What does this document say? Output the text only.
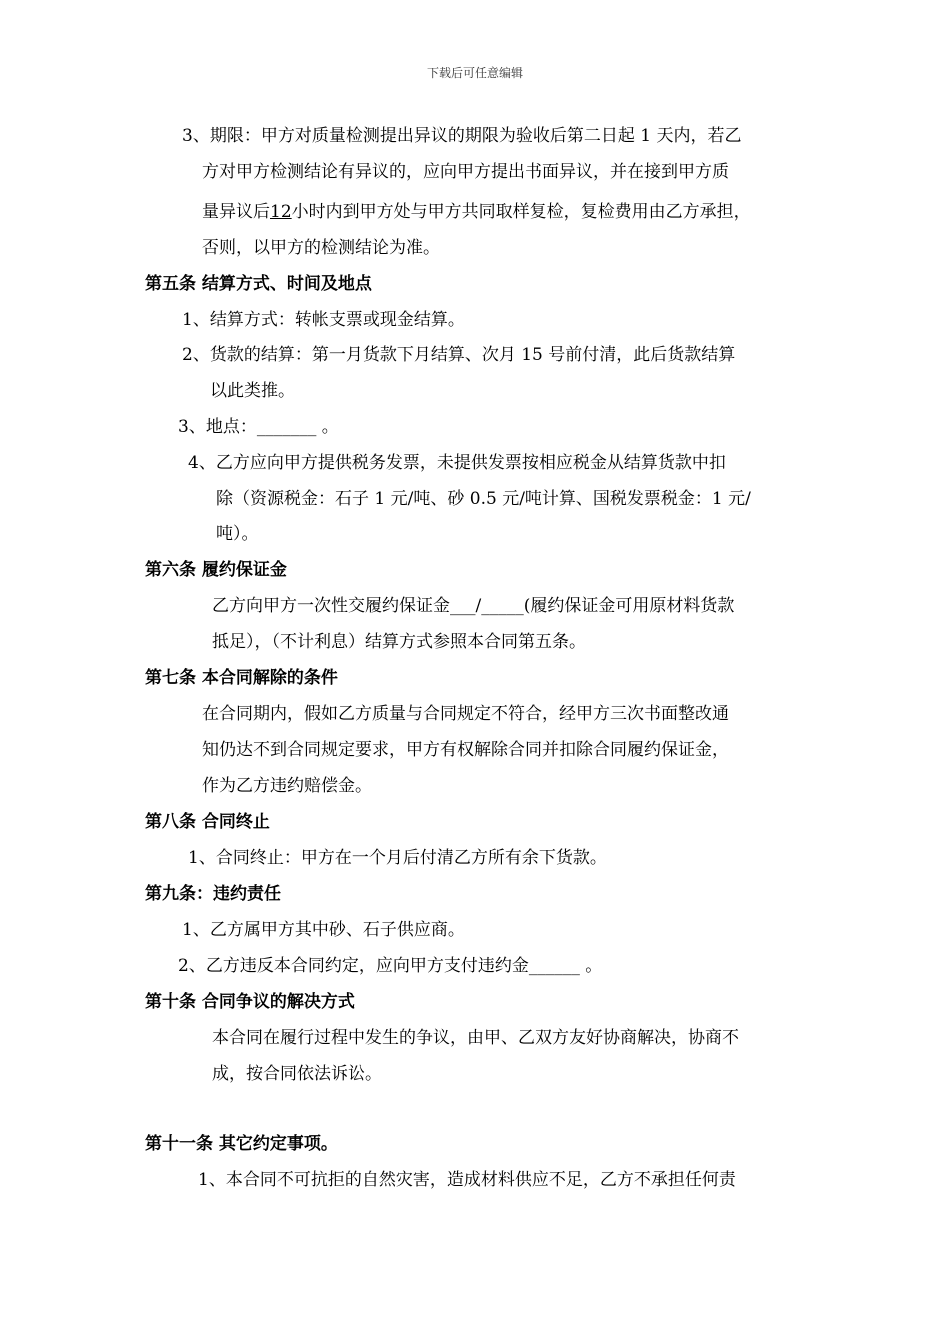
下载后可任意编辑
3、期限：甲方对质量检测提出异议的期限为验收后第二日起 1 天内，若乙
方对甲方检测结论有异议的，应向甲方提出书面异议，并在接到甲方质
量异议后12小时内到甲方处与甲方共同取样复检，复检费用由乙方承担，
否则，以甲方的检测结论为准。
第五条 结算方式、时间及地点
1、结算方式：转帐支票或现金结算。
2、货款的结算：第一月货款下月结算、次月 15 号前付清，此后货款结算
以此类推。
3、地点：_______ 。
4、乙方应向甲方提供税务发票，未提供发票按相应税金从结算货款中扣
除（资源税金：石子 1 元/吨、砂 0.5 元/吨计算、国税发票税金：1 元/
吨）。
第六条 履约保证金
乙方向甲方一次性交履约保证金___/_____(履约保证金可用原材料货款
抵足），（不计利息）结算方式参照本合同第五条。
第七条 本合同解除的条件
在合同期内，假如乙方质量与合同规定不符合，经甲方三次书面整改通
知仍达不到合同规定要求，甲方有权解除合同并扣除合同履约保证金，
作为乙方违约赔偿金。
第八条 合同终止
1、合同终止：甲方在一个月后付清乙方所有余下货款。
第九条：违约责任
1、乙方属甲方其中砂、石子供应商。
2、乙方违反本合同约定，应向甲方支付违约金______ 。
第十条 合同争议的解决方式
本合同在履行过程中发生的争议，由甲、乙双方友好协商解决，协商不
成，按合同依法诉讼。
第十一条 其它约定事项。
1、本合同不可抗拒的自然灾害，造成材料供应不足，乙方不承担任何责
